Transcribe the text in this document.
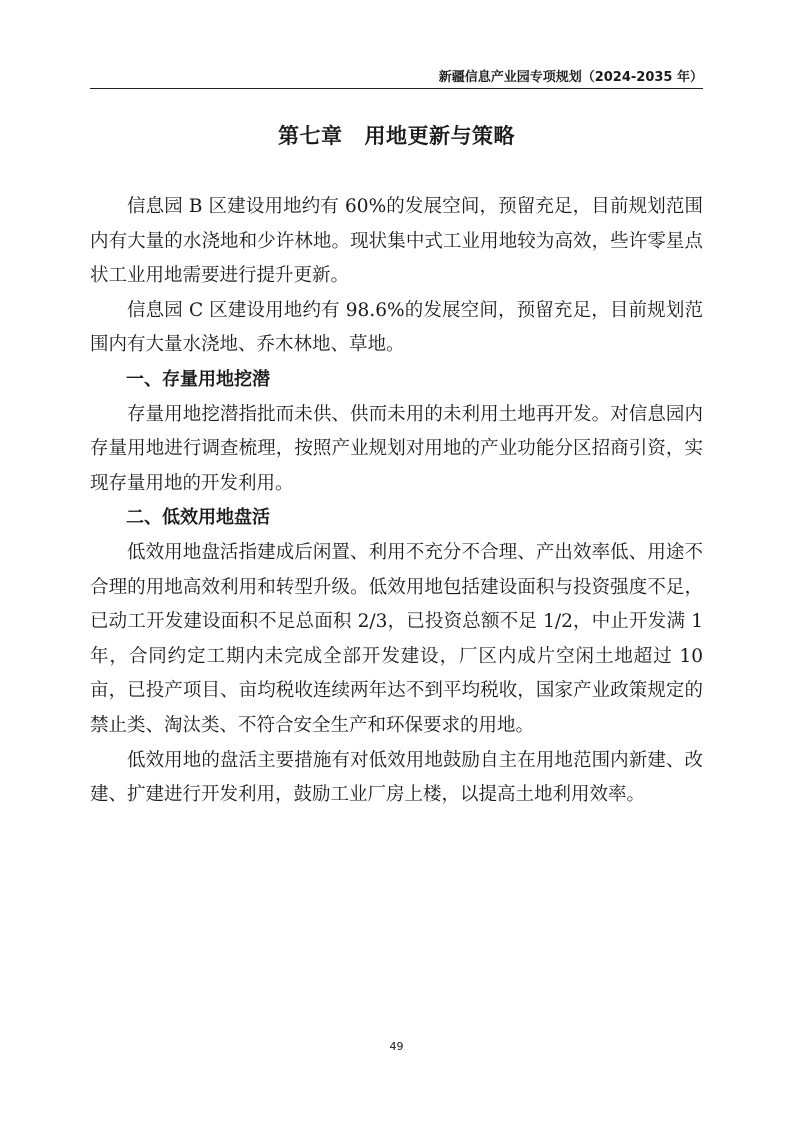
新疆信息产业园专项规划（2024-2035 年）
第七章 用地更新与策略

信息园 B 区建设用地约有 60%的发展空间，预留充足，目前规划范围内有大量的水浇地和少许林地。现状集中式工业用地较为高效，些许零星点状工业用地需要进行提升更新。

信息园 C 区建设用地约有 98.6%的发展空间，预留充足，目前规划范围内有大量水浇地、乔木林地、草地。

一、存量用地挖潜

存量用地挖潜指批而未供、供而未用的未利用土地再开发。对信息园内存量用地进行调查梳理，按照产业规划对用地的产业功能分区招商引资，实现存量用地的开发利用。

二、低效用地盘活

低效用地盘活指建成后闲置、利用不充分不合理、产出效率低、用途不合理的用地高效利用和转型升级。低效用地包括建设面积与投资强度不足，已动工开发建设面积不足总面积 2/3，已投资总额不足 1/2，中止开发满 1 年，合同约定工期内未完成全部开发建设，厂区内成片空闲土地超过 10 亩，已投产项目、亩均税收连续两年达不到平均税收，国家产业政策规定的禁止类、淘汰类、不符合安全生产和环保要求的用地。

低效用地的盘活主要措施有对低效用地鼓励自主在用地范围内新建、改建、扩建进行开发利用，鼓励工业厂房上楼，以提高土地利用效率。

49
